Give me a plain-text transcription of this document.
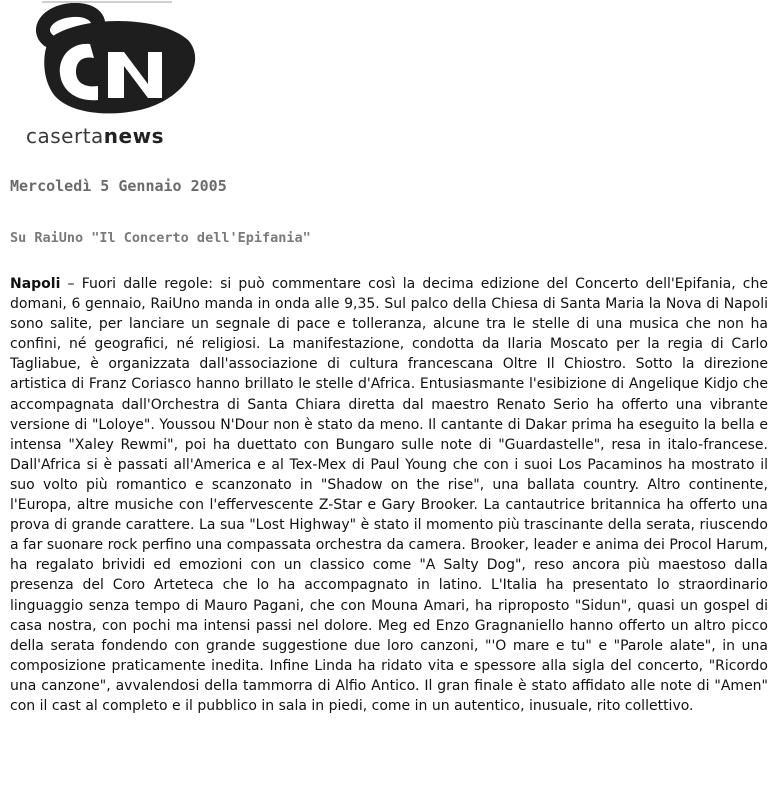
casertanews
Mercoledì 5 Gennaio 2005
Su RaiUno "Il Concerto dell'Epifania"

Napoli – Fuori dalle regole: si può commentare così la decima edizione del Concerto dell'Epifania, che domani, 6 gennaio, RaiUno manda in onda alle 9,35. Sul palco della Chiesa di Santa Maria la Nova di Napoli sono salite, per lanciare un segnale di pace e tolleranza, alcune tra le stelle di una musica che non ha confini, né geografici, né religiosi. La manifestazione, condotta da Ilaria Moscato per la regia di Carlo Tagliabue, è organizzata dall'associazione di cultura francescana Oltre Il Chiostro. Sotto la direzione artistica di Franz Coriasco hanno brillato le stelle d'Africa. Entusiasmante l'esibizione di Angelique Kidjo che accompagnata dall'Orchestra di Santa Chiara diretta dal maestro Renato Serio ha offerto una vibrante versione di "Loloye". Youssou N'Dour non è stato da meno. Il cantante di Dakar prima ha eseguito la bella e intensa "Xaley Rewmi", poi ha duettato con Bungaro sulle note di "Guardastelle", resa in italo-francese. Dall'Africa si è passati all'America e al Tex-Mex di Paul Young che con i suoi Los Pacaminos ha mostrato il suo volto più romantico e scanzonato in "Shadow on the rise", una ballata country. Altro continente, l'Europa, altre musiche con l'effervescente Z-Star e Gary Brooker. La cantautrice britannica ha offerto una prova di grande carattere. La sua "Lost Highway" è stato il momento più trascinante della serata, riuscendo a far suonare rock perfino una compassata orchestra da camera. Brooker, leader e anima dei Procol Harum, ha regalato brividi ed emozioni con un classico come "A Salty Dog", reso ancora più maestoso dalla presenza del Coro Arteteca che lo ha accompagnato in latino. L'Italia ha presentato lo straordinario linguaggio senza tempo di Mauro Pagani, che con Mouna Amari, ha riproposto "Sidun", quasi un gospel di casa nostra, con pochi ma intensi passi nel dolore. Meg ed Enzo Gragnaniello hanno offerto un altro picco della serata fondendo con grande suggestione due loro canzoni, "'O mare e tu" e "Parole alate", in una composizione praticamente inedita. Infine Linda ha ridato vita e spessore alla sigla del concerto, "Ricordo una canzone", avvalendosi della tammorra di Alfio Antico. Il gran finale è stato affidato alle note di "Amen" con il cast al completo e il pubblico in sala in piedi, come in un autentico, inusuale, rito collettivo.
